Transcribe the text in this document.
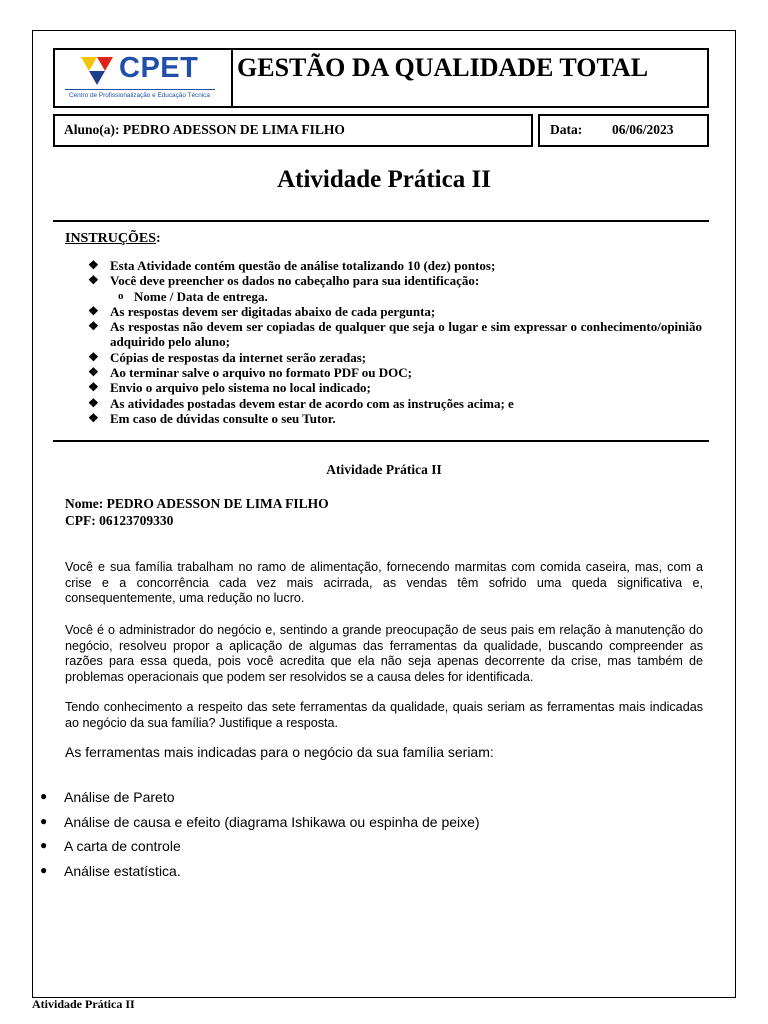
CPET
Centro de Profissionalização e Educação Técnica
GESTÃO DA QUALIDADE TOTAL
Aluno(a): PEDRO ADESSON DE LIMA FILHO	Data: 06/06/2023
Atividade Prática II
INSTRUÇÕES:
❖ Esta Atividade contém questão de análise totalizando 10 (dez) pontos;
❖ Você deve preencher os dados no cabeçalho para sua identificação:
o Nome / Data de entrega.
❖ As respostas devem ser digitadas abaixo de cada pergunta;
❖ As respostas não devem ser copiadas de qualquer que seja o lugar e sim expressar o conhecimento/opinião adquirido pelo aluno;
❖ Cópias de respostas da internet serão zeradas;
❖ Ao terminar salve o arquivo no formato PDF ou DOC;
❖ Envio o arquivo pelo sistema no local indicado;
❖ As atividades postadas devem estar de acordo com as instruções acima; e
❖ Em caso de dúvidas consulte o seu Tutor.
Atividade Prática II
Nome: PEDRO ADESSON DE LIMA FILHO
CPF: 06123709330

Você e sua família trabalham no ramo de alimentação, fornecendo marmitas com comida caseira, mas, com a crise e a concorrência cada vez mais acirrada, as vendas têm sofrido uma queda significativa e, consequentemente, uma redução no lucro.

Você é o administrador do negócio e, sentindo a grande preocupação de seus pais em relação à manutenção do negócio, resolveu propor a aplicação de algumas das ferramentas da qualidade, buscando compreender as razões para essa queda, pois você acredita que ela não seja apenas decorrente da crise, mas também de problemas operacionais que podem ser resolvidos se a causa deles for identificada.

Tendo conhecimento a respeito das sete ferramentas da qualidade, quais seriam as ferramentas mais indicadas ao negócio da sua família? Justifique a resposta.

As ferramentas mais indicadas para o negócio da sua família seriam:
● Análise de Pareto
● Análise de causa e efeito (diagrama Ishikawa ou espinha de peixe)
● A carta de controle
● Análise estatística.
Atividade Prática II
